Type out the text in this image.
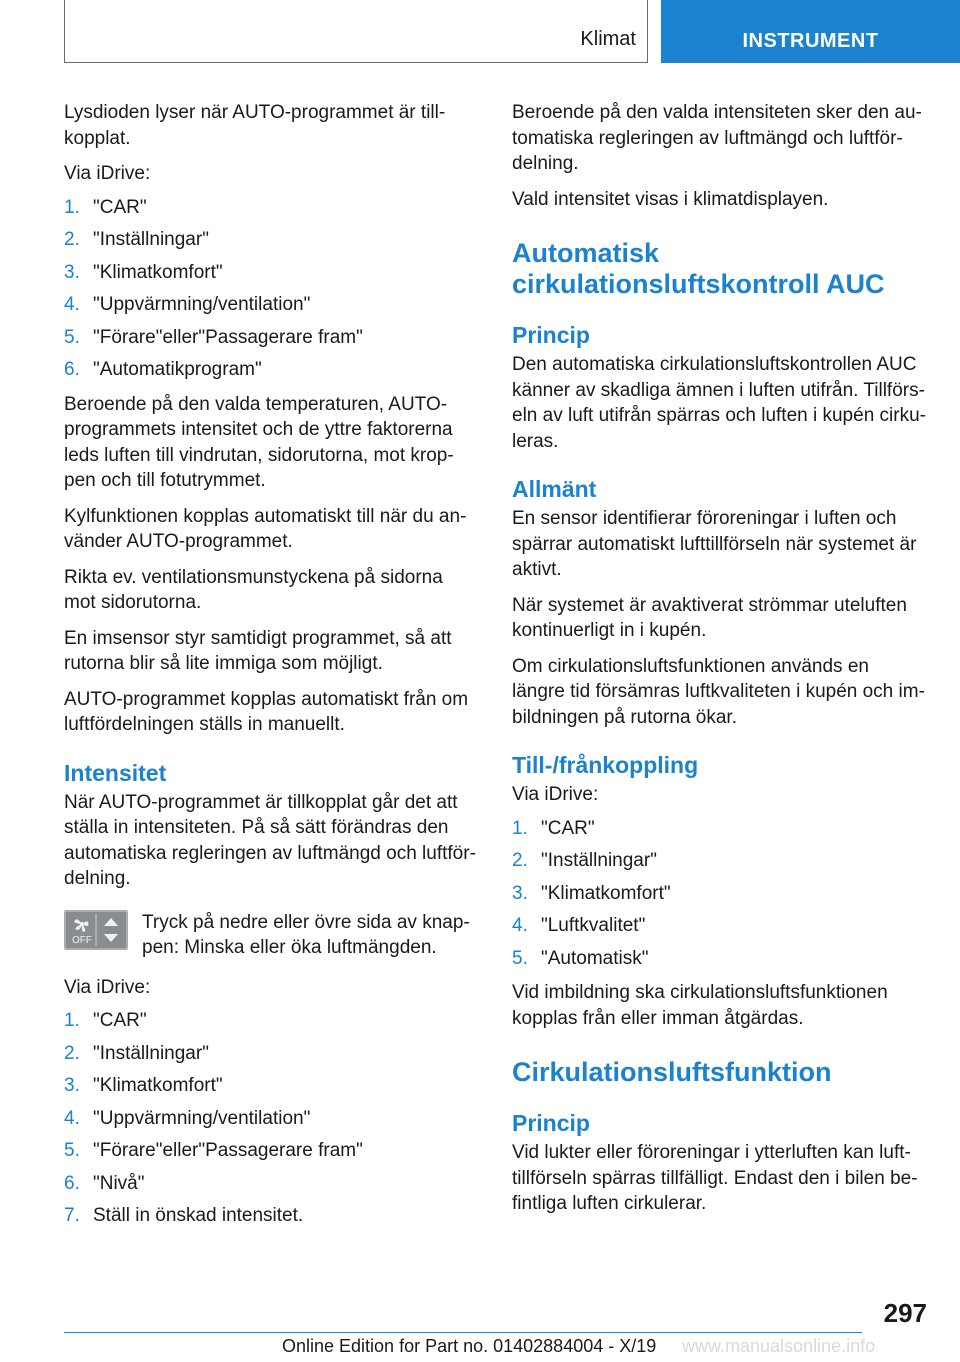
Klimat	INSTRUMENT

Lysdioden lyser när AUTO-programmet är tillkopplat.

Via iDrive:

1. "CAR"
2. "Inställningar"
3. "Klimatkomfort"
4. "Uppvärmning/ventilation"
5. "Förare"eller"Passagerare fram"
6. "Automatikprogram"

Beroende på den valda temperaturen, AUTO-programmets intensitet och de yttre faktorerna leds luften till vindrutan, sidorutorna, mot kroppen och till fotutrymmet.

Kylfunktionen kopplas automatiskt till när du använder AUTO-programmet.

Rikta ev. ventilationsmunstyckena på sidorna mot sidorutorna.

En imsensor styr samtidigt programmet, så att rutorna blir så lite immiga som möjligt.

AUTO-programmet kopplas automatiskt från om luftfördelningen ställs in manuellt.

Intensitet

När AUTO-programmet är tillkopplat går det att ställa in intensiteten. På så sätt förändras den automatiska regleringen av luftmängd och luftfördelning.

OFF

Tryck på nedre eller övre sida av knappen: Minska eller öka luftmängden.

Via iDrive:

1. "CAR"
2. "Inställningar"
3. "Klimatkomfort"
4. "Uppvärmning/ventilation"
5. "Förare"eller"Passagerare fram"
6. "Nivå"
7. Ställ in önskad intensitet.

Beroende på den valda intensiteten sker den automatiska regleringen av luftmängd och luftfördelning.

Vald intensitet visas i klimatdisplayen.

Automatisk cirkulationsluftskontroll AUC
Princip

Den automatiska cirkulationsluftskontrollen AUC känner av skadliga ämnen i luften utifrån. Tillförseln av luft utifrån spärras och luften i kupén cirkuleras.

Allmänt

En sensor identifierar föroreningar i luften och spärrar automatiskt lufttillförseln när systemet är aktivt.

När systemet är avaktiverat strömmar uteluften kontinuerligt in i kupén.

Om cirkulationsluftsfunktionen används en längre tid försämras luftkvaliteten i kupén och imbildningen på rutorna ökar.

Till-/frånkoppling

Via iDrive:

1. "CAR"
2. "Inställningar"
3. "Klimatkomfort"
4. "Luftkvalitet"
5. "Automatisk"

Vid imbildning ska cirkulationsluftsfunktionen kopplas från eller imman åtgärdas.

Cirkulationsluftsfunktion
Princip

Vid lukter eller föroreningar i ytterluften kan lufttillförseln spärras tillfälligt. Endast den i bilen befintliga luften cirkulerar.

297
www.manualsonline.info
Online Edition for Part no. 01402884004 - X/19
